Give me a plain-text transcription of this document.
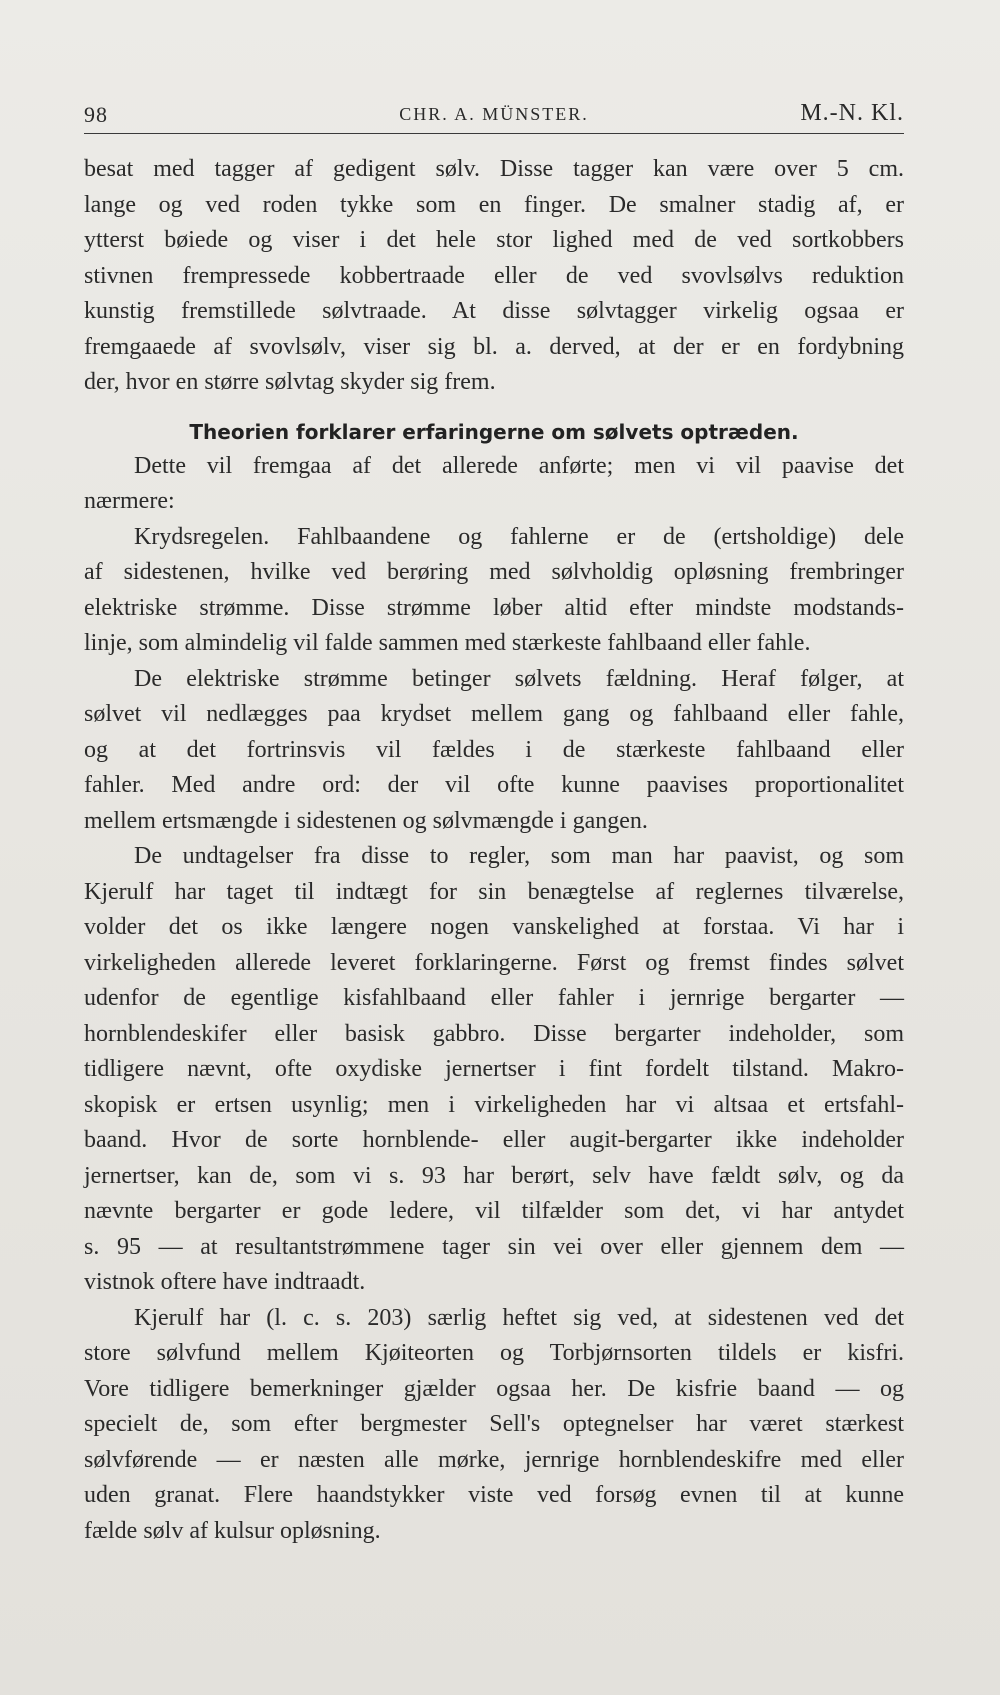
98	CHR. A. MÜNSTER.	M.-N. Kl.

besat med tagger af gedigent sølv. Disse tagger kan være over 5 cm.

lange og ved roden tykke som en finger. De smalner stadig af, er

ytterst bøiede og viser i det hele stor lighed med de ved sortkobbers

stivnen frempressede kobbertraade eller de ved svovlsølvs reduktion

kunstig fremstillede sølvtraade. At disse sølvtagger virkelig ogsaa er

fremgaaede af svovlsølv, viser sig bl. a. derved, at der er en fordybning

der, hvor en større sølvtag skyder sig frem.

Theorien forklarer erfaringerne om sølvets optræden.

Dette vil fremgaa af det allerede anførte; men vi vil paavise det

nærmere:

Krydsregelen. Fahlbaandene og fahlerne er de (ertsholdige) dele

af sidestenen, hvilke ved berøring med sølvholdig opløsning frembringer

elektriske strømme. Disse strømme løber altid efter mindste modstands-

linje, som almindelig vil falde sammen med stærkeste fahlbaand eller fahle.

De elektriske strømme betinger sølvets fældning. Heraf følger, at

sølvet vil nedlægges paa krydset mellem gang og fahlbaand eller fahle,

og at det fortrinsvis vil fældes i de stærkeste fahlbaand eller

fahler. Med andre ord: der vil ofte kunne paavises proportionalitet

mellem ertsmængde i sidestenen og sølvmængde i gangen.

De undtagelser fra disse to regler, som man har paavist, og som

Kjerulf har taget til indtægt for sin benægtelse af reglernes tilværelse,

volder det os ikke længere nogen vanskelighed at forstaa. Vi har i

virkeligheden allerede leveret forklaringerne. Først og fremst findes sølvet

udenfor de egentlige kisfahlbaand eller fahler i jernrige bergarter —

hornblendeskifer eller basisk gabbro. Disse bergarter indeholder, som

tidligere nævnt, ofte oxydiske jernertser i fint fordelt tilstand. Makro-

skopisk er ertsen usynlig; men i virkeligheden har vi altsaa et ertsfahl-

baand. Hvor de sorte hornblende- eller augit-bergarter ikke indeholder

jernertser, kan de, som vi s. 93 har berørt, selv have fældt sølv, og da

nævnte bergarter er gode ledere, vil tilfælder som det, vi har antydet

s. 95 — at resultantstrømmene tager sin vei over eller gjennem dem —

vistnok oftere have indtraadt.

Kjerulf har (l. c. s. 203) særlig heftet sig ved, at sidestenen ved det

store sølvfund mellem Kjøiteorten og Torbjørnsorten tildels er kisfri.

Vore tidligere bemerkninger gjælder ogsaa her. De kisfrie baand — og

specielt de, som efter bergmester Sell's optegnelser har været stærkest

sølvførende — er næsten alle mørke, jernrige hornblendeskifre med eller

uden granat. Flere haandstykker viste ved forsøg evnen til at kunne

fælde sølv af kulsur opløsning.
